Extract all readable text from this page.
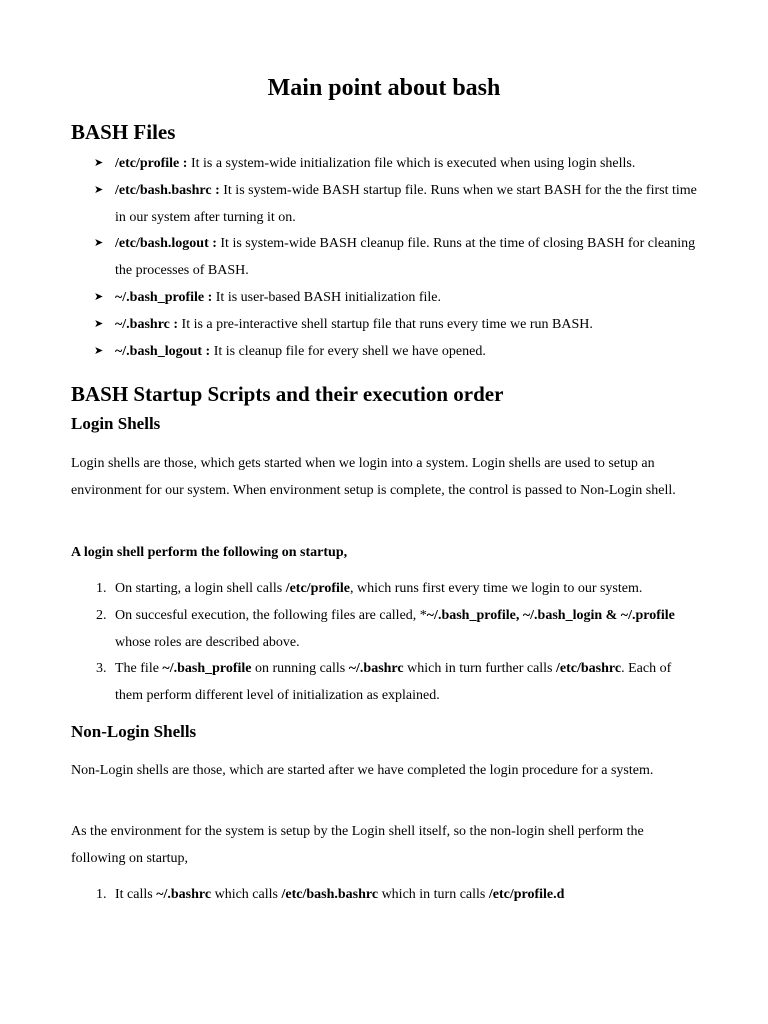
Main point about bash
BASH Files
➤ /etc/profile : It is a system-wide initialization file which is executed when using login shells.
➤ /etc/bash.bashrc : It is system-wide BASH startup file. Runs when we start BASH for the the first time in our system after turning it on.
➤ /etc/bash.logout : It is system-wide BASH cleanup file. Runs at the time of closing BASH for cleaning the processes of BASH.
➤ ~/.bash_profile : It is user-based BASH initialization file.
➤ ~/.bashrc : It is a pre-interactive shell startup file that runs every time we run BASH.
➤ ~/.bash_logout : It is cleanup file for every shell we have opened.
BASH Startup Scripts and their execution order
Login Shells

Login shells are those, which gets started when we login into a system. Login shells are used to setup an environment for our system. When environment setup is complete, the control is passed to Non-Login shell.

A login shell perform the following on startup,

1. On starting, a login shell calls /etc/profile, which runs first every time we login to our system.
2. On succesful execution, the following files are called, *~/.bash_profile, ~/.bash_login & ~/.profile whose roles are described above.
3. The file ~/.bash_profile on running calls ~/.bashrc which in turn further calls /etc/bashrc. Each of them perform different level of initialization as explained.
Non-Login Shells

Non-Login shells are those, which are started after we have completed the login procedure for a system.

As the environment for the system is setup by the Login shell itself, so the non-login shell perform the following on startup,

1. It calls ~/.bashrc which calls /etc/bash.bashrc which in turn calls /etc/profile.d
